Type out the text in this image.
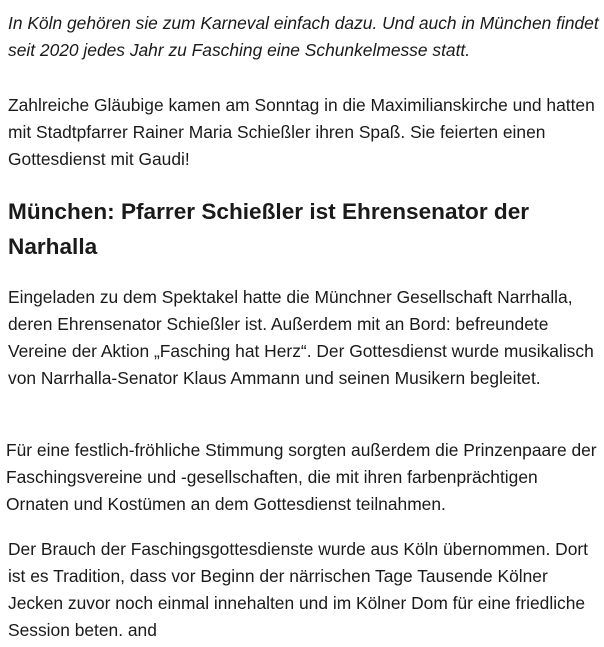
In Köln gehören sie zum Karneval einfach dazu. Und auch in München findet seit 2020 jedes Jahr zu Fasching eine Schunkelmesse statt.

Zahlreiche Gläubige kamen am Sonntag in die Maximilianskirche und hatten mit Stadtpfarrer Rainer Maria Schießler ihren Spaß. Sie feierten einen Gottesdienst mit Gaudi!

München: Pfarrer Schießler ist Ehrensenator der Narhalla

Eingeladen zu dem Spektakel hatte die Münchner Gesellschaft Narrhalla, deren Ehrensenator Schießler ist. Außerdem mit an Bord: befreundete Vereine der Aktion „Fasching hat Herz“. Der Gottesdienst wurde musikalisch von Narrhalla-Senator Klaus Ammann und seinen Musikern begleitet.

Für eine festlich-fröhliche Stimmung sorgten außerdem die Prinzenpaare der Faschingsvereine und -gesellschaften, die mit ihren farbenprächtigen Ornaten und Kostümen an dem Gottesdienst teilnahmen.

Der Brauch der Faschingsgottesdienste wurde aus Köln übernommen. Dort ist es Tradition, dass vor Beginn der närrischen Tage Tausende Kölner Jecken zuvor noch einmal innehalten und im Kölner Dom für eine friedliche Session beten. and
